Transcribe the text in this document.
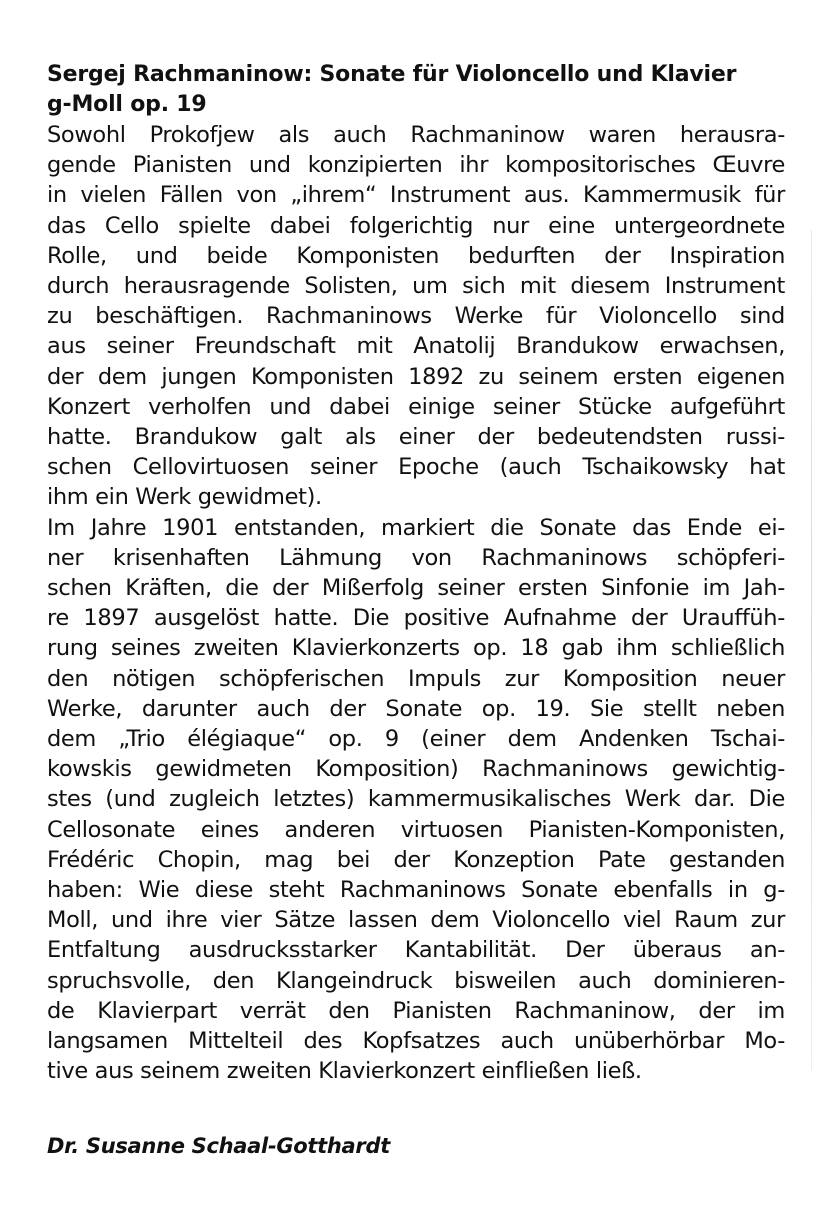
Sergej Rachmaninow: Sonate für Violoncello und Klavier
g-Moll op. 19
Sowohl Prokofjew als auch Rachmaninow waren herausra-
gende Pianisten und konzipierten ihr kompositorisches Œuvre
in vielen Fällen von „ihrem“ Instrument aus. Kammermusik für
das Cello spielte dabei folgerichtig nur eine untergeordnete
Rolle, und beide Komponisten bedurften der Inspiration
durch herausragende Solisten, um sich mit diesem Instrument
zu beschäftigen. Rachmaninows Werke für Violoncello sind
aus seiner Freundschaft mit Anatolij Brandukow erwachsen,
der dem jungen Komponisten 1892 zu seinem ersten eigenen
Konzert verholfen und dabei einige seiner Stücke aufgeführt
hatte. Brandukow galt als einer der bedeutendsten russi-
schen Cellovirtuosen seiner Epoche (auch Tschaikowsky hat
ihm ein Werk gewidmet).
Im Jahre 1901 entstanden, markiert die Sonate das Ende ei-
ner krisenhaften Lähmung von Rachmaninows schöpferi-
schen Kräften, die der Mißerfolg seiner ersten Sinfonie im Jah-
re 1897 ausgelöst hatte. Die positive Aufnahme der Urauffüh-
rung seines zweiten Klavierkonzerts op. 18 gab ihm schließlich
den nötigen schöpferischen Impuls zur Komposition neuer
Werke, darunter auch der Sonate op. 19. Sie stellt neben
dem „Trio élégiaque“ op. 9 (einer dem Andenken Tschai-
kowskis gewidmeten Komposition) Rachmaninows gewichtig-
stes (und zugleich letztes) kammermusikalisches Werk dar. Die
Cellosonate eines anderen virtuosen Pianisten-Komponisten,
Frédéric Chopin, mag bei der Konzeption Pate gestanden
haben: Wie diese steht Rachmaninows Sonate ebenfalls in g-
Moll, und ihre vier Sätze lassen dem Violoncello viel Raum zur
Entfaltung ausdrucksstarker Kantabilität. Der überaus an-
spruchsvolle, den Klangeindruck bisweilen auch dominieren-
de Klavierpart verrät den Pianisten Rachmaninow, der im
langsamen Mittelteil des Kopfsatzes auch unüberhörbar Mo-
tive aus seinem zweiten Klavierkonzert einfließen ließ.

Dr. Susanne Schaal-Gotthardt
